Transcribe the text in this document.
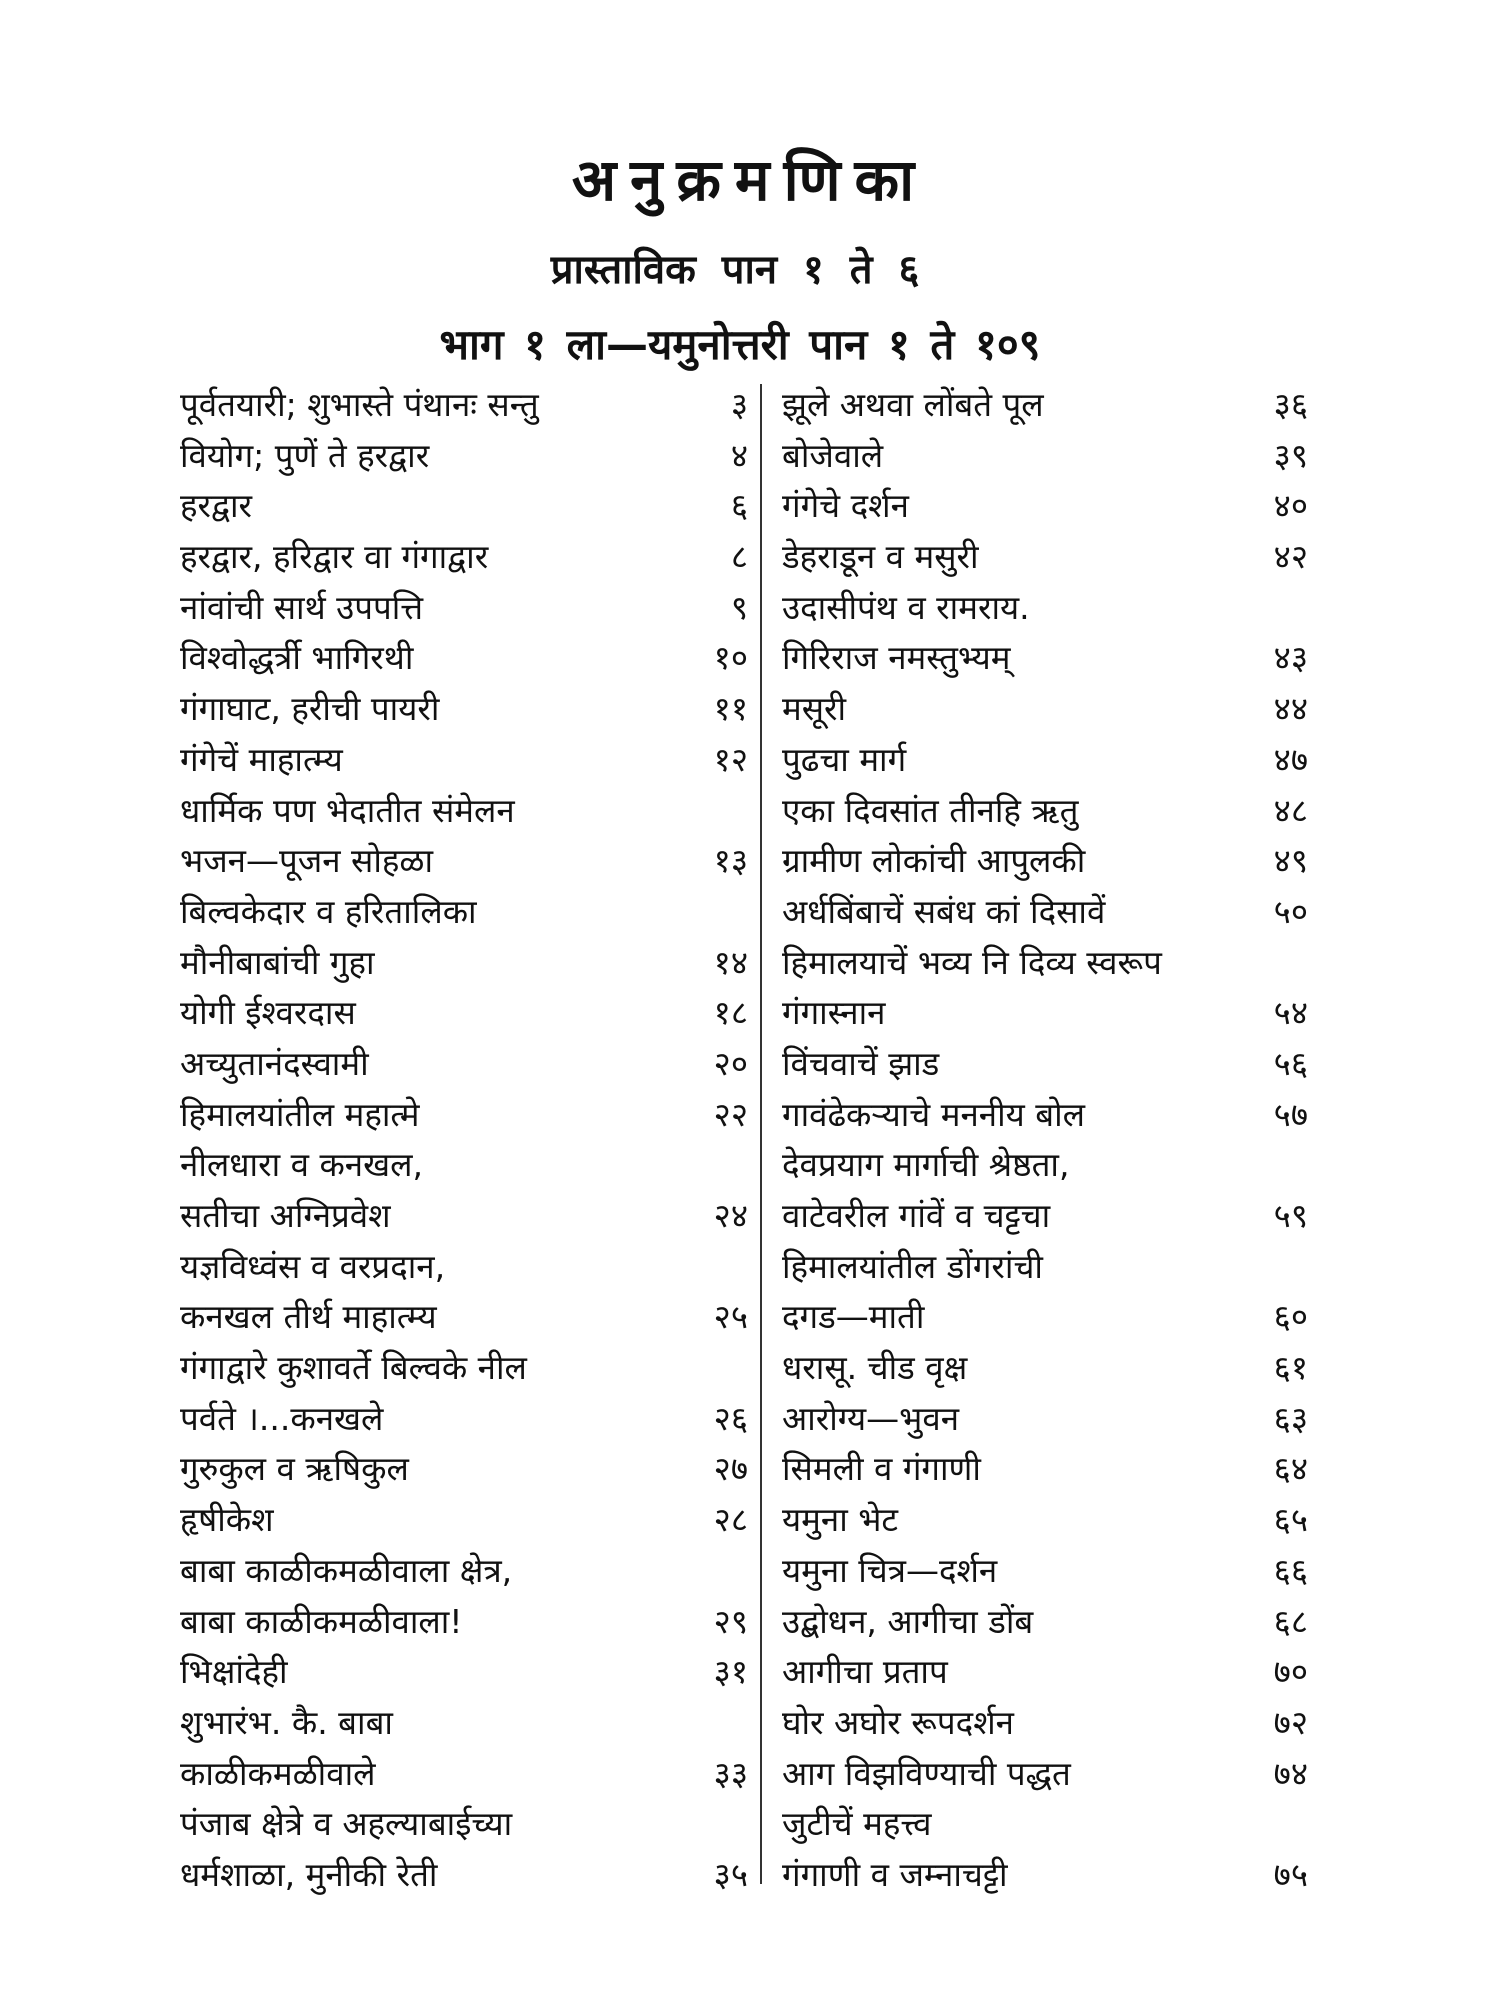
अनुक्रमणिका
प्रास्ताविक पान १ ते ६
भाग १ ला—यमुनोत्तरी पान १ ते १०९
पूर्वतयारी; शुभास्ते पंथानः सन्तु	३
वियोग; पुणें ते हरद्वार	४
हरद्वार	६
हरद्वार, हरिद्वार वा गंगाद्वार	८
नांवांची सार्थ उपपत्ति	९
विश्वोद्धर्त्री भागिरथी	१०
गंगाघाट, हरीची पायरी	११
गंगेचें माहात्म्य	१२
धार्मिक पण भेदातीत संमेलन
भजन—पूजन सोहळा	१३
बिल्वकेदार व हरितालिका
मौनीबाबांची गुहा	१४
योगी ईश्वरदास	१८
अच्युतानंदस्वामी	२०
हिमालयांतील महात्मे	२२
नीलधारा व कनखल,
सतीचा अग्निप्रवेश	२४
यज्ञविध्वंस व वरप्रदान,
कनखल तीर्थ माहात्म्य	२५
गंगाद्वारे कुशावर्ते बिल्वके नील
पर्वते ।...कनखले	२६
गुरुकुल व ऋषिकुल	२७
हृषीकेश	२८
बाबा काळीकमळीवाला क्षेत्र,
बाबा काळीकमळीवाला!	२९
भिक्षांदेही	३१
शुभारंभ. कै. बाबा
काळीकमळीवाले	३३
पंजाब क्षेत्रे व अहल्याबाईच्या
धर्मशाळा, मुनीकी रेती	३५
झूले अथवा लोंबते पूल	३६
बोजेवाले	३९
गंगेचे दर्शन	४०
डेहराडून व मसुरी	४२
उदासीपंथ व रामराय.
गिरिराज नमस्तुभ्यम्	४३
मसूरी	४४
पुढचा मार्ग	४७
एका दिवसांत तीनहि ऋतु	४८
ग्रामीण लोकांची आपुलकी	४९
अर्धबिंबाचें सबंध कां दिसावें	५०
हिमालयाचें भव्य नि दिव्य स्वरूप
गंगास्नान	५४
विंचवाचें झाड	५६
गावंढेकऱ्याचे मननीय बोल	५७
देवप्रयाग मार्गाची श्रेष्ठता,
वाटेवरील गांवें व चट्टचा	५९
हिमालयांतील डोंगरांची
दगड—माती	६०
धरासू. चीड वृक्ष	६१
आरोग्य—भुवन	६३
सिमली व गंगाणी	६४
यमुना भेट	६५
यमुना चित्र—दर्शन	६६
उद्बोधन, आगीचा डोंब	६८
आगीचा प्रताप	७०
घोर अघोर रूपदर्शन	७२
आग विझविण्याची पद्धत	७४
जुटीचें महत्त्व
गंगाणी व जम्नाचट्टी	७५
